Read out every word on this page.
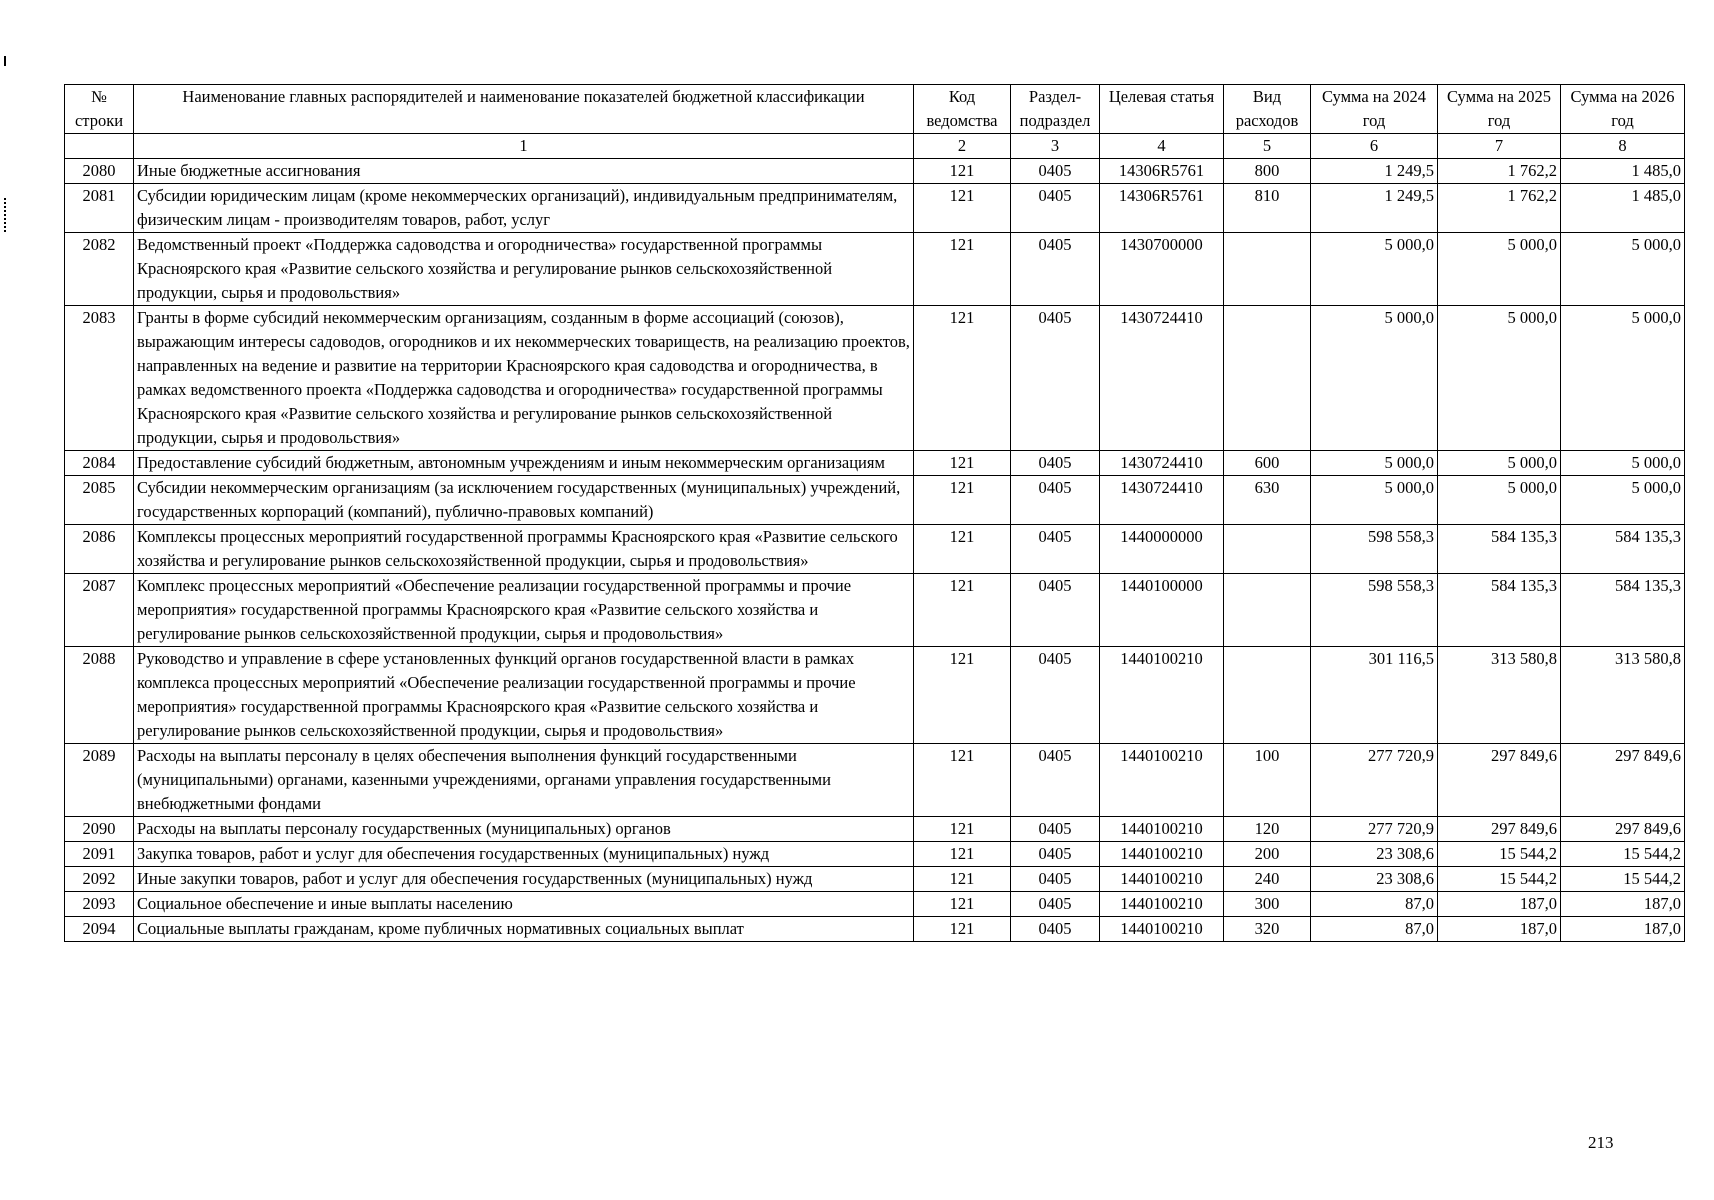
№ строки	Наименование главных распорядителей и наименование показателей бюджетной классификации	Код ведомства	Раздел-подраздел	Целевая статья	Вид расходов	Сумма на 2024 год	Сумма на 2025 год	Сумма на 2026 год
	1	2	3	4	5	6	7	8
2080	Иные бюджетные ассигнования	121	0405	14306R5761	800	1 249,5	1 762,2	1 485,0
2081	Субсидии юридическим лицам (кроме некоммерческих организаций), индивидуальным предпринимателям, физическим лицам - производителям товаров, работ, услуг	121	0405	14306R5761	810	1 249,5	1 762,2	1 485,0
2082	Ведомственный проект «Поддержка садоводства и огородничества» государственной программы Красноярского края «Развитие сельского хозяйства и регулирование рынков сельскохозяйственной продукции, сырья и продовольствия»	121	0405	1430700000		5 000,0	5 000,0	5 000,0
2083	Гранты в форме субсидий некоммерческим организациям, созданным в форме ассоциаций (союзов), выражающим интересы садоводов, огородников и их некоммерческих товариществ, на реализацию проектов, направленных на ведение и развитие на территории Красноярского края садоводства и огородничества, в рамках ведомственного проекта «Поддержка садоводства и огородничества» государственной программы Красноярского края «Развитие сельского хозяйства и регулирование рынков сельскохозяйственной продукции, сырья и продовольствия»	121	0405	1430724410		5 000,0	5 000,0	5 000,0
2084	Предоставление субсидий бюджетным, автономным учреждениям и иным некоммерческим организациям	121	0405	1430724410	600	5 000,0	5 000,0	5 000,0
2085	Субсидии некоммерческим организациям (за исключением государственных (муниципальных) учреждений, государственных корпораций (компаний), публично-правовых компаний)	121	0405	1430724410	630	5 000,0	5 000,0	5 000,0
2086	Комплексы процессных мероприятий государственной программы Красноярского края «Развитие сельского хозяйства и регулирование рынков сельскохозяйственной продукции, сырья и продовольствия»	121	0405	1440000000		598 558,3	584 135,3	584 135,3
2087	Комплекс процессных мероприятий «Обеспечение реализации государственной программы и прочие мероприятия» государственной программы Красноярского края «Развитие сельского хозяйства и регулирование рынков сельскохозяйственной продукции, сырья и продовольствия»	121	0405	1440100000		598 558,3	584 135,3	584 135,3
2088	Руководство и управление в сфере установленных функций органов государственной власти в рамках комплекса процессных мероприятий «Обеспечение реализации государственной программы и прочие мероприятия» государственной программы Красноярского края «Развитие сельского хозяйства и регулирование рынков сельскохозяйственной продукции, сырья и продовольствия»	121	0405	1440100210		301 116,5	313 580,8	313 580,8
2089	Расходы на выплаты персоналу в целях обеспечения выполнения функций государственными (муниципальными) органами, казенными учреждениями, органами управления государственными внебюджетными фондами	121	0405	1440100210	100	277 720,9	297 849,6	297 849,6
2090	Расходы на выплаты персоналу государственных (муниципальных) органов	121	0405	1440100210	120	277 720,9	297 849,6	297 849,6
2091	Закупка товаров, работ и услуг для обеспечения государственных (муниципальных) нужд	121	0405	1440100210	200	23 308,6	15 544,2	15 544,2
2092	Иные закупки товаров, работ и услуг для обеспечения государственных (муниципальных) нужд	121	0405	1440100210	240	23 308,6	15 544,2	15 544,2
2093	Социальное обеспечение и иные выплаты населению	121	0405	1440100210	300	87,0	187,0	187,0
2094	Социальные выплаты гражданам, кроме публичных нормативных социальных выплат	121	0405	1440100210	320	87,0	187,0	187,0
213
